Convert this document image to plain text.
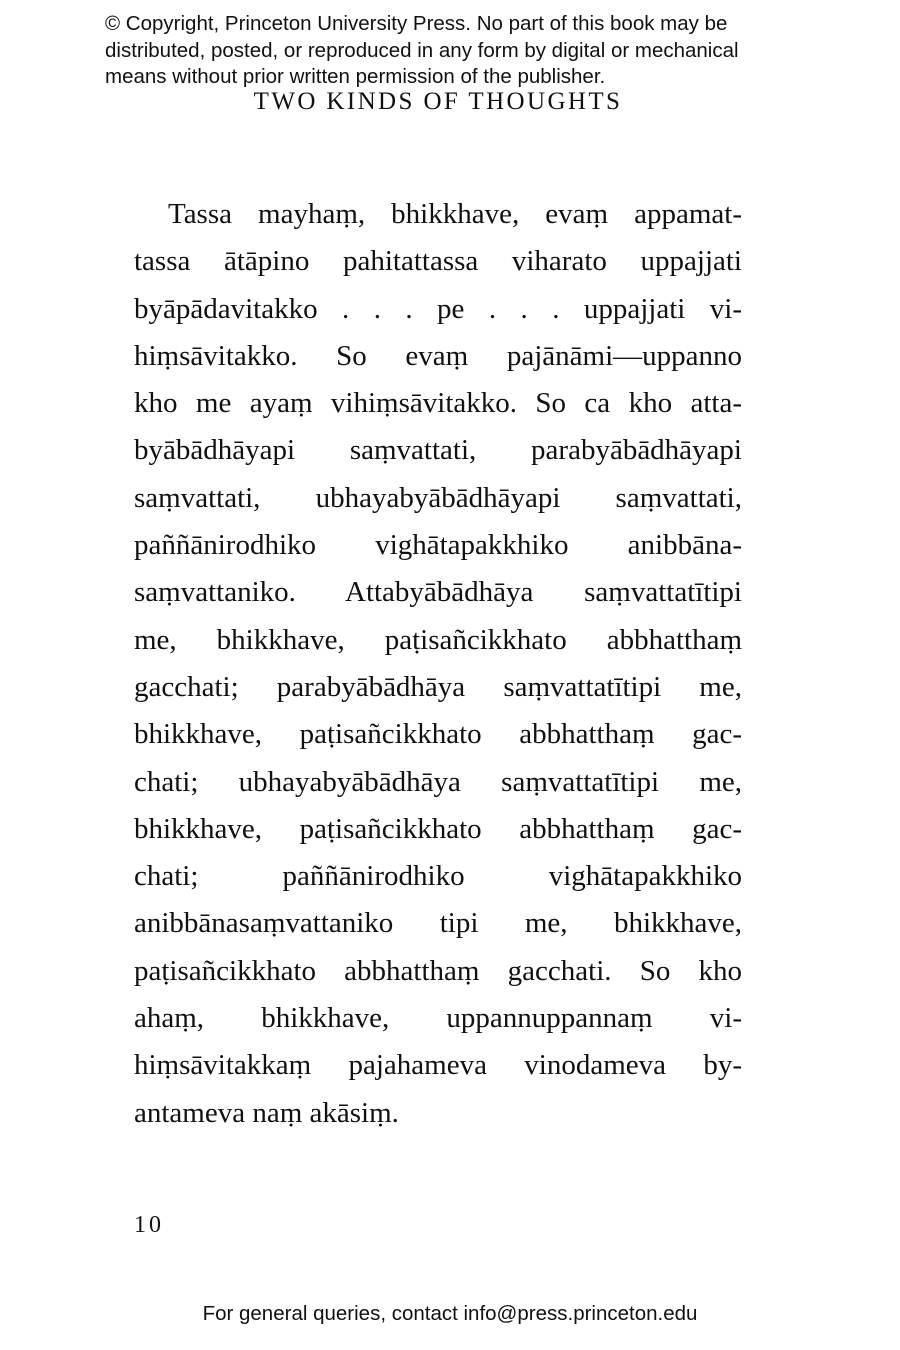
© Copyright, Princeton University Press. No part of this book may be
distributed, posted, or reproduced in any form by digital or mechanical
means without prior written permission of the publisher.
TWO KINDS OF THOUGHTS
Tassa mayhaṃ, bhikkhave, evaṃ appamat-
tassa ātāpino pahitattassa viharato uppajjati
byāpādavitakko . . . pe . . . uppajjati vi-
hiṃsāvitakko. So evaṃ pajānāmi—uppanno
kho me ayaṃ vihiṃsāvitakko. So ca kho atta-
byābādhāyapi saṃvattati, parabyābādhāyapi
saṃvattati, ubhayabyābādhāyapi saṃvattati,
paññānirodhiko vighātapakkhiko anibbāna-
saṃvattaniko. Attabyābādhāya saṃvattatītipi
me, bhikkhave, paṭisañcikkhato abbhatthaṃ
gacchati; parabyābādhāya saṃvattatītipi me,
bhikkhave, paṭisañcikkhato abbhatthaṃ gac-
chati; ubhayabyābādhāya saṃvattatītipi me,
bhikkhave, paṭisañcikkhato abbhatthaṃ gac-
chati; paññānirodhiko vighātapakkhiko
anibbānasaṃvattaniko tipi me, bhikkhave,
paṭisañcikkhato abbhatthaṃ gacchati. So kho
ahaṃ, bhikkhave, uppannuppannaṃ vi-
hiṃsāvitakkaṃ pajahameva vinodameva by-
antameva naṃ akāsiṃ.
10
For general queries, contact info@press.princeton.edu
